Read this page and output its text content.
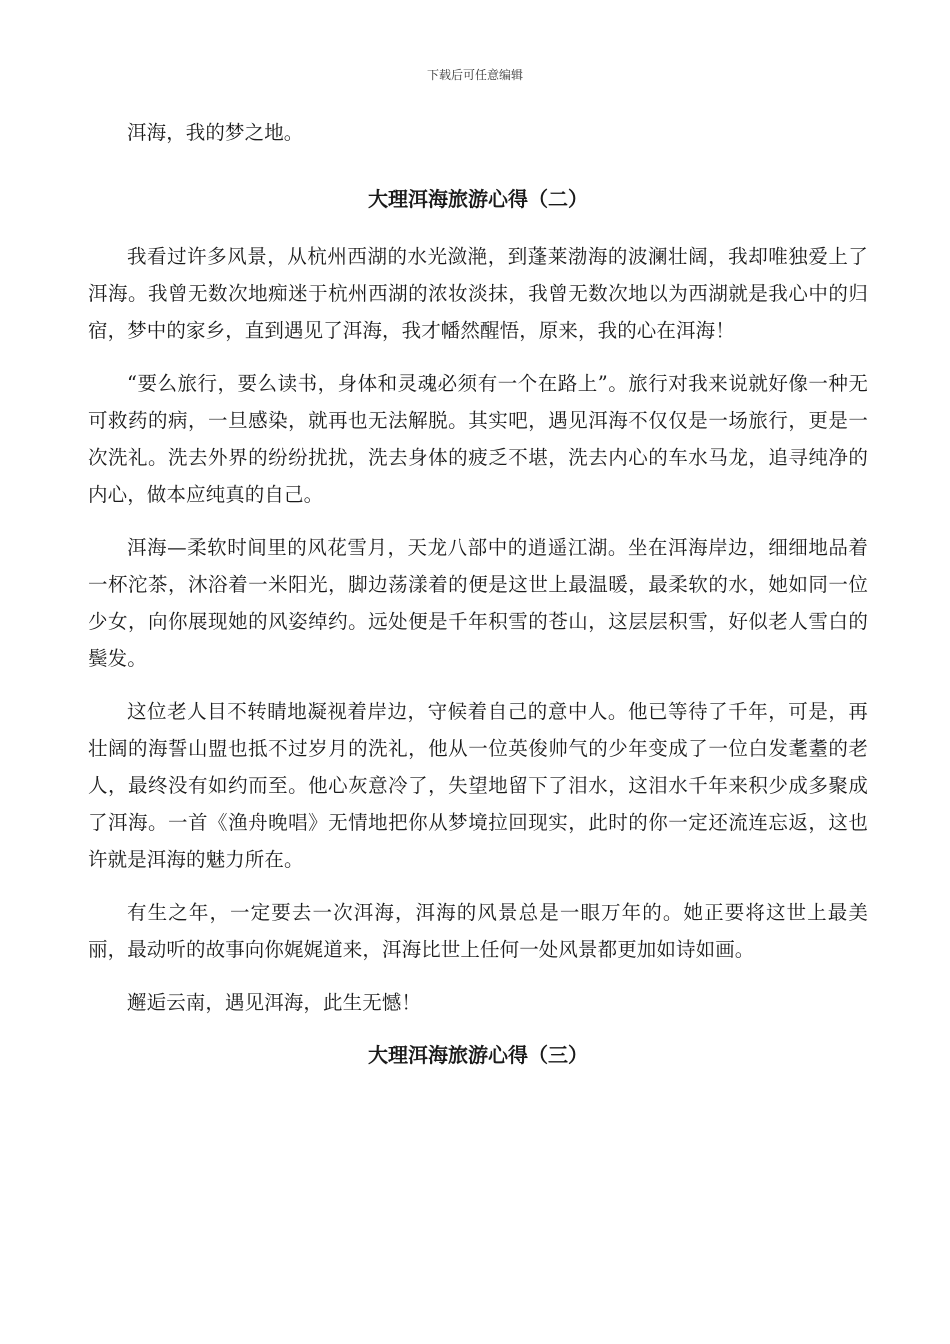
下载后可任意编辑

洱海，我的梦之地。

大理洱海旅游心得（二）

我看过许多风景，从杭州西湖的水光潋滟，到蓬莱渤海的波澜壮阔，我却唯独爱上了洱海。我曾无数次地痴迷于杭州西湖的浓妆淡抹，我曾无数次地以为西湖就是我心中的归宿，梦中的家乡，直到遇见了洱海，我才幡然醒悟，原来，我的心在洱海！

“要么旅行，要么读书，身体和灵魂必须有一个在路上”。旅行对我来说就好像一种无可救药的病，一旦感染，就再也无法解脱。其实吧，遇见洱海不仅仅是一场旅行，更是一次洗礼。洗去外界的纷纷扰扰，洗去身体的疲乏不堪，洗去内心的车水马龙，追寻纯净的内心，做本应纯真的自己。

洱海—柔软时间里的风花雪月，天龙八部中的逍遥江湖。坐在洱海岸边，细细地品着一杯沱茶，沐浴着一米阳光，脚边荡漾着的便是这世上最温暖，最柔软的水，她如同一位少女，向你展现她的风姿绰约。远处便是千年积雪的苍山，这层层积雪，好似老人雪白的鬓发。

这位老人目不转睛地凝视着岸边，守候着自己的意中人。他已等待了千年，可是，再壮阔的海誓山盟也抵不过岁月的洗礼，他从一位英俊帅气的少年变成了一位白发耄耋的老人，最终没有如约而至。他心灰意冷了，失望地留下了泪水，这泪水千年来积少成多聚成了洱海。一首《渔舟晚唱》无情地把你从梦境拉回现实，此时的你一定还流连忘返，这也许就是洱海的魅力所在。

有生之年，一定要去一次洱海，洱海的风景总是一眼万年的。她正要将这世上最美丽，最动听的故事向你娓娓道来，洱海比世上任何一处风景都更加如诗如画。

邂逅云南，遇见洱海，此生无憾！

大理洱海旅游心得（三）
